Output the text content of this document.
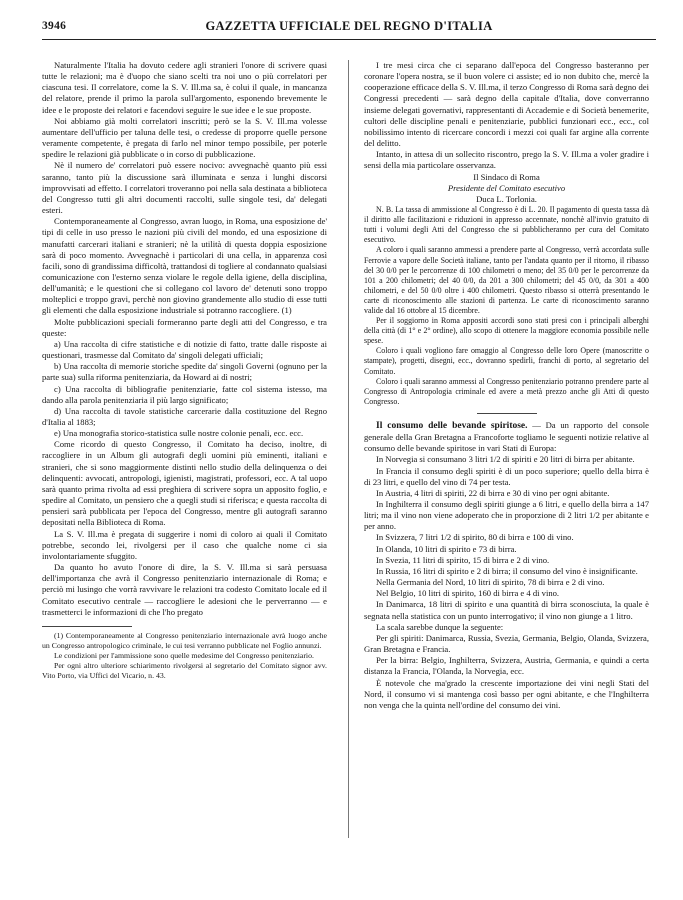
3946	GAZZETTA UFFICIALE DEL REGNO D'ITALIA

Naturalmente l'Italia ha dovuto cedere agli stranieri l'onore di scrivere quasi tutte le relazioni; ma è d'uopo che siano scelti tra noi uno o più correlatori per ciascuna tesi. Il correlatore, come la S. V. Ill.ma sa, è colui il quale, in mancanza del relatore, prende il primo la parola sull'argomento, esponendo brevemente le idee e le proposte dei relatori e facendovi seguire le sue idee e le sue proposte.

Noi abbiamo già molti correlatori inscritti; però se la S. V. Ill.ma volesse aumentare dell'ufficio per taluna delle tesi, o credesse di proporre quelle persone veramente competente, è pregata di farlo nel minor tempo possibile, per poterle spedire le relazioni già pubblicate o in corso di pubblicazione.

Nè il numero de' correlatori può essere nocivo: avvegnachè quanto più essi saranno, tanto più la discussione sarà illuminata e senza i lunghi discorsi improvvisati ad effetto. I correlatori troveranno poi nella sala destinata a biblioteca del Congresso tutti gli altri documenti raccolti, sulle singole tesi, da' delegati esteri.

Contemporaneamente al Congresso, avran luogo, in Roma, una esposizione de' tipi di celle in uso presso le nazioni più civili del mondo, ed una esposizione di manufatti carcerari italiani e stranieri; nè la utilità di questa doppia esposizione sarà di poco momento. Avvegnachè i particolari di una cella, in apparenza così facili, sono di grandissima difficoltà, trattandosi di togliere al condannato qualsiasi comunicazione con l'esterno senza violare le regole della igiene, della disciplina, dell'umanità; e le questioni che si collegano col lavoro de' detenuti sono troppo molteplici e troppo gravi, perchè non giovino grandemente allo studio di esse tutti gli elementi che dalla esposizione industriale si potranno raccogliere. (1)

Molte pubblicazioni speciali formeranno parte degli atti del Congresso, e tra queste:

a) Una raccolta di cifre statistiche e di notizie di fatto, tratte dalle risposte ai questionari, trasmesse dal Comitato da' singoli delegati ufficiali;

b) Una raccolta di memorie storiche spedite da' singoli Governi (ognuno per la parte sua) sulla riforma penitenziaria, da Howard ai dì nostri;

c) Una raccolta di bibliografie penitenziarie, fatte col sistema istesso, ma dando alla parola penitenziaria il più largo significato;

d) Una raccolta di tavole statistiche carcerarie dalla costituzione del Regno d'Italia al 1883;

e) Una monografia storico-statistica sulle nostre colonie penali, ecc. ecc.

Come ricordo di questo Congresso, il Comitato ha deciso, inoltre, di raccogliere in un Album gli autografi degli uomini più eminenti, italiani e stranieri, che si sono maggiormente distinti nello studio della delinquenza o dei delinquenti: avvocati, antropologi, igienisti, magistrati, professori, ecc. A tal uopo sarà quanto prima rivolta ad essi preghiera di scrivere sopra un apposito foglio, e spedire al Comitato, un pensiero che a quegli studi si riferisca; e questa raccolta di pensieri sarà pubblicata per l'epoca del Congresso, mentre gli autografi saranno depositati nella Biblioteca di Roma.

La S. V. Ill.ma è pregata di suggerire i nomi di coloro ai quali il Comitato potrebbe, secondo lei, rivolgersi per il caso che qualche nome ci sia involontariamente sfuggito.

Da quanto ho avuto l'onore di dire, la S. V. Ill.ma si sarà persuasa dell'importanza che avrà il Congresso penitenziario internazionale di Roma; e perciò mi lusingo che vorrà ravvivare le relazioni tra codesto Comitato locale ed il Comitato esecutivo centrale — raccogliere le adesioni che le perverranno — e trasmetterci le informazioni di che l'ho pregato

(1) Contemporaneamente al Congresso penitenziario internazionale avrà luogo anche un Congresso antropologico criminale, le cui tesi verranno pubblicate nel Foglio annunzi.

Le condizioni per l'ammissione sono quelle medesime del Congresso penitenziario.

Per ogni altro ulteriore schiarimento rivolgersi al segretario del Comitato signor avv. Vito Porto, via Uffici del Vicario, n. 43.

I tre mesi circa che ci separano dall'epoca del Congresso basteranno per coronare l'opera nostra, se il buon volere ci assiste; ed io non dubito che, mercè la cooperazione efficace della S. V. Ill.ma, il terzo Congresso di Roma sarà degno dei Congressi precedenti — sarà degno della capitale d'Italia, dove converranno insieme delegati governativi, rappresentanti di Accademie e di Società benemerite, cultori delle discipline penali e penitenziarie, pubblici funzionari ecc., ecc., col nobilissimo intento di ricercare concordi i mezzi coi quali far argine alla corrente del delitto.

Intanto, in attesa di un sollecito riscontro, prego la S. V. Ill.ma a voler gradire i sensi della mia particolare osservanza.

Il Sindaco di Roma

Presidente del Comitato esecutivo

Duca L. Torlonia.

N. B. La tassa di ammissione al Congresso è di L. 20. Il pagamento di questa tassa dà il diritto alle facilitazioni e riduzioni in appresso accennate, nonchè all'invio gratuito di tutti i volumi degli Atti del Congresso che si pubblicheranno per cura del Comitato esecutivo.

A coloro i quali saranno ammessi a prendere parte al Congresso, verrà accordata sulle Ferrovie a vapore delle Società italiane, tanto per l'andata quanto per il ritorno, il ribasso del 30 0/0 per le percorrenze di 100 chilometri o meno; del 35 0/0 per le percorrenze da 101 a 200 chilometri; del 40 0/0, da 201 a 300 chilometri; del 45 0/0, da 301 a 400 chilometri, e del 50 0/0 oltre i 400 chilometri. Questo ribasso si otterrà presentando le carte di riconoscimento alle stazioni di partenza. Le carte di riconoscimento saranno valide dal 16 ottobre al 15 dicembre.

Per il soggiorno in Roma appositi accordi sono stati presi con i principali alberghi della città (di 1° e 2° ordine), allo scopo di ottenere la maggiore economia possibile nelle spese.

Coloro i quali vogliono fare omaggio al Congresso delle loro Opere (manoscritte o stampate), progetti, disegni, ecc., dovranno spedirli, franchi di porto, al segretario del Comitato.

Coloro i quali saranno ammessi al Congresso penitenziario potranno prendere parte al Congresso di Antropologia criminale ed avere a metà prezzo anche gli Atti di questo Congresso.

Il consumo delle bevande spiritose. — Da un rapporto del console generale della Gran Bretagna a Francoforte togliamo le seguenti notizie relative al consumo delle bevande spiritose in vari Stati di Europa:

In Norvegia si consumano 3 litri 1/2 di spiriti e 20 litri di birra per abitante.

In Francia il consumo degli spiriti è di un poco superiore; quello della birra è di 23 litri, e quello del vino di 74 per testa.

In Austria, 4 litri di spiriti, 22 di birra e 30 di vino per ogni abitante.

In Inghilterra il consumo degli spiriti giunge a 6 litri, e quello della birra a 147 litri; ma il vino non viene adoperato che in proporzione di 2 litri 1/2 per abitante e per anno.

In Svizzera, 7 litri 1/2 di spirito, 80 di birra e 100 di vino.

In Olanda, 10 litri di spirito e 73 di birra.

In Svezia, 11 litri di spirito, 15 di birra e 2 di vino.

In Russia, 16 litri di spirito e 2 di birra; il consumo del vino è insignificante.

Nella Germania del Nord, 10 litri di spirito, 78 di birra e 2 di vino.

Nel Belgio, 10 litri di spirito, 160 di birra e 4 di vino.

In Danimarca, 18 litri di spirito e una quantità di birra sconosciuta, la quale è segnata nella statistica con un punto interrogativo; il vino non giunge a 1 litro.

La scala sarebbe dunque la seguente:

Per gli spiriti: Danimarca, Russia, Svezia, Germania, Belgio, Olanda, Svizzera, Gran Bretagna e Francia.

Per la birra: Belgio, Inghilterra, Svizzera, Austria, Germania, e quindi a certa distanza la Francia, l'Olanda, la Norvegia, ecc.

È notevole che ma'grado la crescente importazione dei vini negli Stati del Nord, il consumo vi si mantenga così basso per ogni abitante, e che l'Inghilterra non venga che la quinta nell'ordine del consumo dei vini.
